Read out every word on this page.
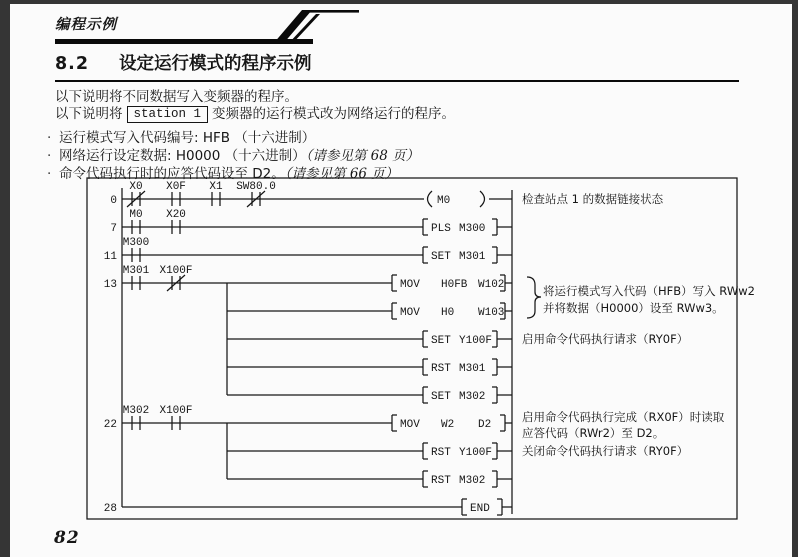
编程示例
8.2 设定运行模式的程序示例
以下说明将不同数据写入变频器的程序。
以下说明将 station 1 变频器的运行模式改为网络运行的程序。
· 运行模式写入代码编号: HFB （十六进制）
· 网络运行设定数据: H0000 （十六进制）（请参见第 68 页）
· 命令代码执行时的应答代码设至 D2。（请参见第 66 页）
X0 X0F X1 SW80.0
0	M0	检查站点 1 的数据链接状态
M0 X20
7	PLS M300
M300
11	SET M301
M301 X100F
13	MOV H0FB W102
MOV H0 W103
SET Y100F	启用命令代码执行请求（RY0F）
RST M301
SET M302
M302 X100F
22	MOV W2 D2
启用命令代码执行完成（RX0F）时读取
应答代码（RWr2）至 D2。
RST Y100F	关闭命令代码执行请求（RY0F）
RST M302
28	END
将运行模式写入代码（HFB）写入 RWw2
并将数据（H0000）设至 RWw3。
82
